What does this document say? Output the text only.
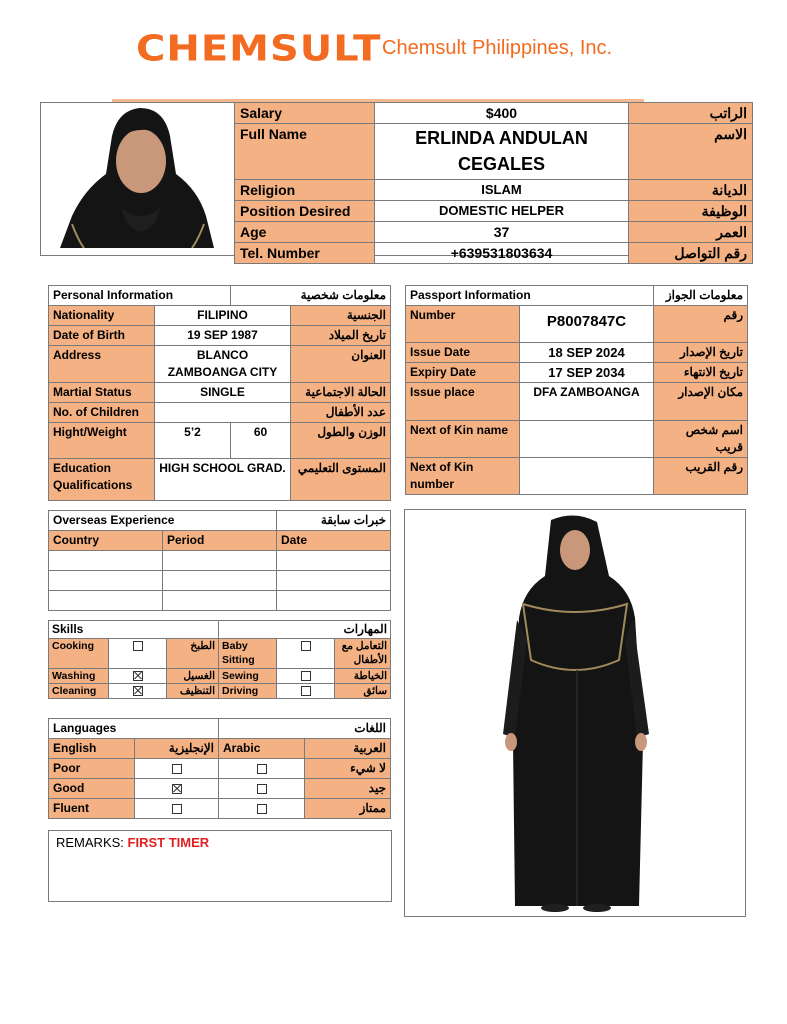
CHEMSULT Chemsult Philippines, Inc.
Salary	$400	الراتب
Full Name	ERLINDA ANDULAN CEGALES	الاسم
Religion	ISLAM	الديانة
Position Desired	DOMESTIC HELPER	الوظيفة
Age	37	العمر
Tel. Number	+639531803634	رقم التواصل
Personal Information		معلومات شخصية	
Nationality	FILIPINO		الجنسية
Date of Birth	19 SEP 1987		تاريخ الميلاد
Address	BLANCO ZAMBOANGA CITY		العنوان
Martial Status	SINGLE		الحالة الاجتماعية
No. of Children			عدد الأطفال
Hight/Weight	5’2	60	الوزن والطول
Education Qualifications	HIGH SCHOOL GRAD.		المستوى التعليمي
Passport Information		معلومات الجواز
Number	P8007847C	رقم
Issue Date	18 SEP 2024	تاريخ الإصدار
Expiry Date	17 SEP 2034	تاريخ الانتهاء
Issue place	DFA ZAMBOANGA	مكان الإصدار
Next of Kin name		اسم شخص قريب
Next of Kin number		رقم القريب
Overseas Experience		خبرات سابقة
Country	Period	Date

Skills			المهارات		
Cooking		الطبخ	Baby Sitting		التعامل مع الأطفال
Washing		الغسيل	Sewing		الخياطة
Cleaning		التنظيف	Driving		سائق
Languages		اللغات	
English	الإنجليزية	Arabic	العربية
Poor			لا شيء
Good			جيد
Fluent			ممتاز
REMARKS: FIRST TIMER
